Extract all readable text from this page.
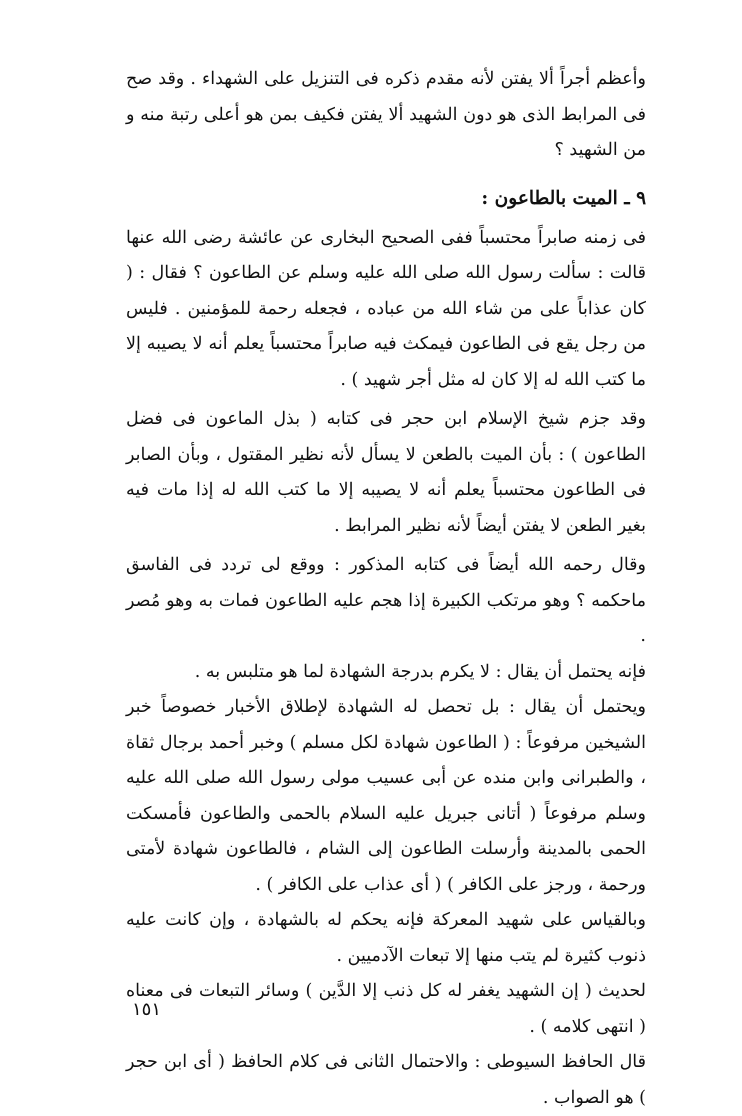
وأعظم أجراً ألا يفتن لأنه مقدم ذكره فى التنزيل على الشهداء . وقد صح فى المرابط الذى هو دون الشهيد ألا يفتن فكيف بمن هو أعلى رتبة منه و من الشهيد ؟

٩ ـ الميت بالطاعون :

فى زمنه صابراً محتسباً ففى الصحيح البخارى عن عائشة رضى الله عنها قالت : سألت رسول الله صلى الله عليه وسلم عن الطاعون ؟ فقال : ( كان عذاباً على من شاء الله من عباده ، فجعله رحمة للمؤمنين . فليس من رجل يقع فى الطاعون فيمكث فيه صابراً محتسباً يعلم أنه لا يصيبه إلا ما كتب الله له إلا كان له مثل أجر شهيد ) .

وقد جزم شيخ الإسلام ابن حجر فى كتابه ( بذل الماعون فى فضل الطاعون ) : بأن الميت بالطعن لا يسأل لأنه نظير المقتول ، وبأن الصابر فى الطاعون محتسباً يعلم أنه لا يصيبه إلا ما كتب الله له إذا مات فيه بغير الطعن لا يفتن أيضاً لأنه نظير المرابط .

وقال رحمه الله أيضاً فى كتابه المذكور : ووقع لى تردد فى الفاسق ماحكمه ؟ وهو مرتكب الكبيرة إذا هجم عليه الطاعون فمات به وهو مُصر .

فإنه يحتمل أن يقال : لا يكرم بدرجة الشهادة لما هو متلبس به .

ويحتمل أن يقال : بل تحصل له الشهادة لإطلاق الأخبار خصوصاً خبر الشيخين مرفوعاً : ( الطاعون شهادة لكل مسلم ) وخبر أحمد برجال ثقاة ، والطبرانى وابن منده عن أبى عسيب مولى رسول الله صلى الله عليه وسلم مرفوعاً ( أتانى جبريل عليه السلام بالحمى والطاعون فأمسكت الحمى بالمدينة وأرسلت الطاعون إلى الشام ، فالطاعون شهادة لأمتى ورحمة ، ورجز على الكافر ) ( أى عذاب على الكافر ) .

وبالقياس على شهيد المعركة فإنه يحكم له بالشهادة ، وإن كانت عليه ذنوب كثيرة لم يتب منها إلا تبعات الآدميين .

لحديث ( إن الشهيد يغفر له كل ذنب إلا الدَّين ) وسائر التبعات فى معناه ( انتهى كلامه ) .

قال الحافظ السيوطى : والاحتمال الثانى فى كلام الحافظ ( أى ابن حجر ) هو الصواب .

١٥١
